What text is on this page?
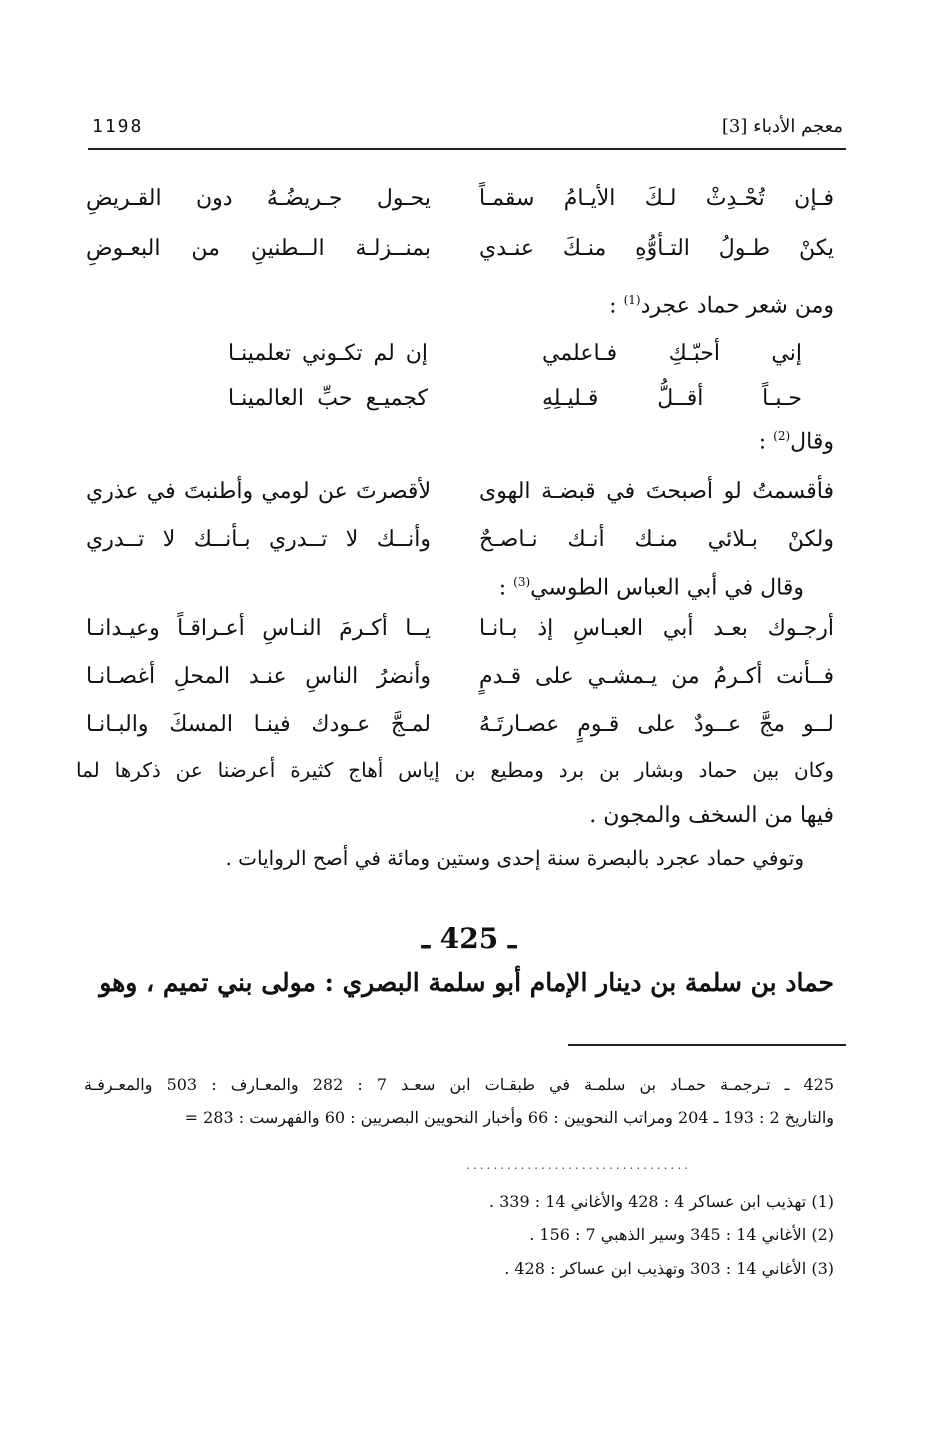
معجم الأدباء [3]
1198
فـإن تُحْـدِثْ لـكَ الأيـامُ سقمـاً
يحـول جـريضُـهُ دون القـريضِ
يكنْ طـولُ التـأوُّهِ منـكَ عنـدي
بمنــزلـة الــطنينِ من البعـوضِ
ومن شعر حماد عجرد$^{(1)}$ :
إني أحبّـكِ فـاعلمي
إن لم تكـوني تعلمينـا
حـبـاً أقــلُّ قـليـلِهِ
كجميـع حبِّ العالمينـا
وقال$^{(2)}$ :
فأقسمتُ لو أصبحتَ في قبضـة الهوى
لأقصرتَ عن لومي وأطنبتَ في عذري
ولكنْ بـلائي منـك أنـك نـاصـحٌ
وأنــك لا تــدري بـأنــك لا تــدري
وقال في أبي العباس الطوسي$^{(3)}$ :
أرجـوك بعـد أبي العبـاسِ إذ بـانـا
يــا أكـرمَ النـاسِ أعـراقـاً وعيـدانـا
فــأنت أكـرمُ من يـمشـي على قـدمٍ
وأنضرُ الناسِ عنـد المحلِ أغصـانـا
لــو مجَّ عــودٌ على قـومٍ عصـارتَـهُ
لمـجَّ عـودك فينـا المسكَ والبـانـا
وكان بين حماد وبشار بن برد ومطيع بن إياس أهاج كثيرة أعرضنا عن ذكرها لما
فيها من السخف والمجون .
وتوفي حماد عجرد بالبصرة سنة إحدى وستين ومائة في أصح الروايات .
ـ 425 ـ
حماد بن سلمة بن دينار الإمام أبو سلمة البصري : مولى بني تميم ، وهو
425 ـ تـرجمـة حمـاد بن سلمـة في طبقـات ابن سعـد 7 : 282 والمعـارف : 503 والمعـرفـة
والتاريخ 2 : 193 ـ 204 ومراتب النحويين : 66 وأخبار النحويين البصريين : 60 والفهرست : 283 =
.................................
(1) تهذيب ابن عساكر 4 : 428 والأغاني 14 : 339 .
(2) الأغاني 14 : 345 وسير الذهبي 7 : 156 .
(3) الأغاني 14 : 303 وتهذيب ابن عساكر : 428 .
